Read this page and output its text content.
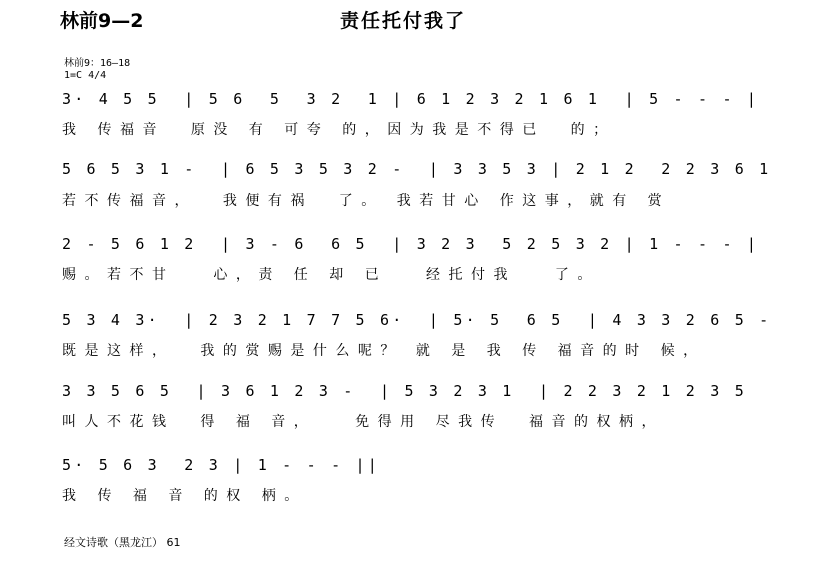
林前9—2	责任托付我了
林前9：16—18
1=C 4/4
3· 4 5 5  | 5 6  5  3 2  1 | 6 1 2 3 2 1 6 1  | 5 - - - |
我 传福音  原没 有 可夸 的，因为我是不得已  的；
5 6 5 3 1 -  | 6 5 3 5 3 2 -  | 3 3 5 3 | 2 1 2  2 2 3 6 1
若不传福音，  我便有祸  了。 我若甘心 作这事，就有 赏
2 - 5 6 1 2  | 3 - 6  6 5  | 3 2 3  5 2 5 3 2 | 1 - - - |
赐。若不甘   心，责 任 却 已   经托付我   了。
5 3 4 3·  | 2 3 2 1 7 7 5 6·  | 5· 5  6 5  | 4 3 3 2 6 5 -
既是这样，  我的赏赐是什么呢？ 就 是 我 传 福音的时 候，
3 3 5 6 5  | 3 6 1 2 3 -  | 5 3 2 3 1  | 2 2 3 2 1 2 3 5
叫人不花钱  得 福 音，   免得用 尽我传  福音的权柄，
5· 5 6 3  2 3 | 1 - - - ||
我 传 福 音 的权 柄。
经文诗歌（黑龙江） 61
